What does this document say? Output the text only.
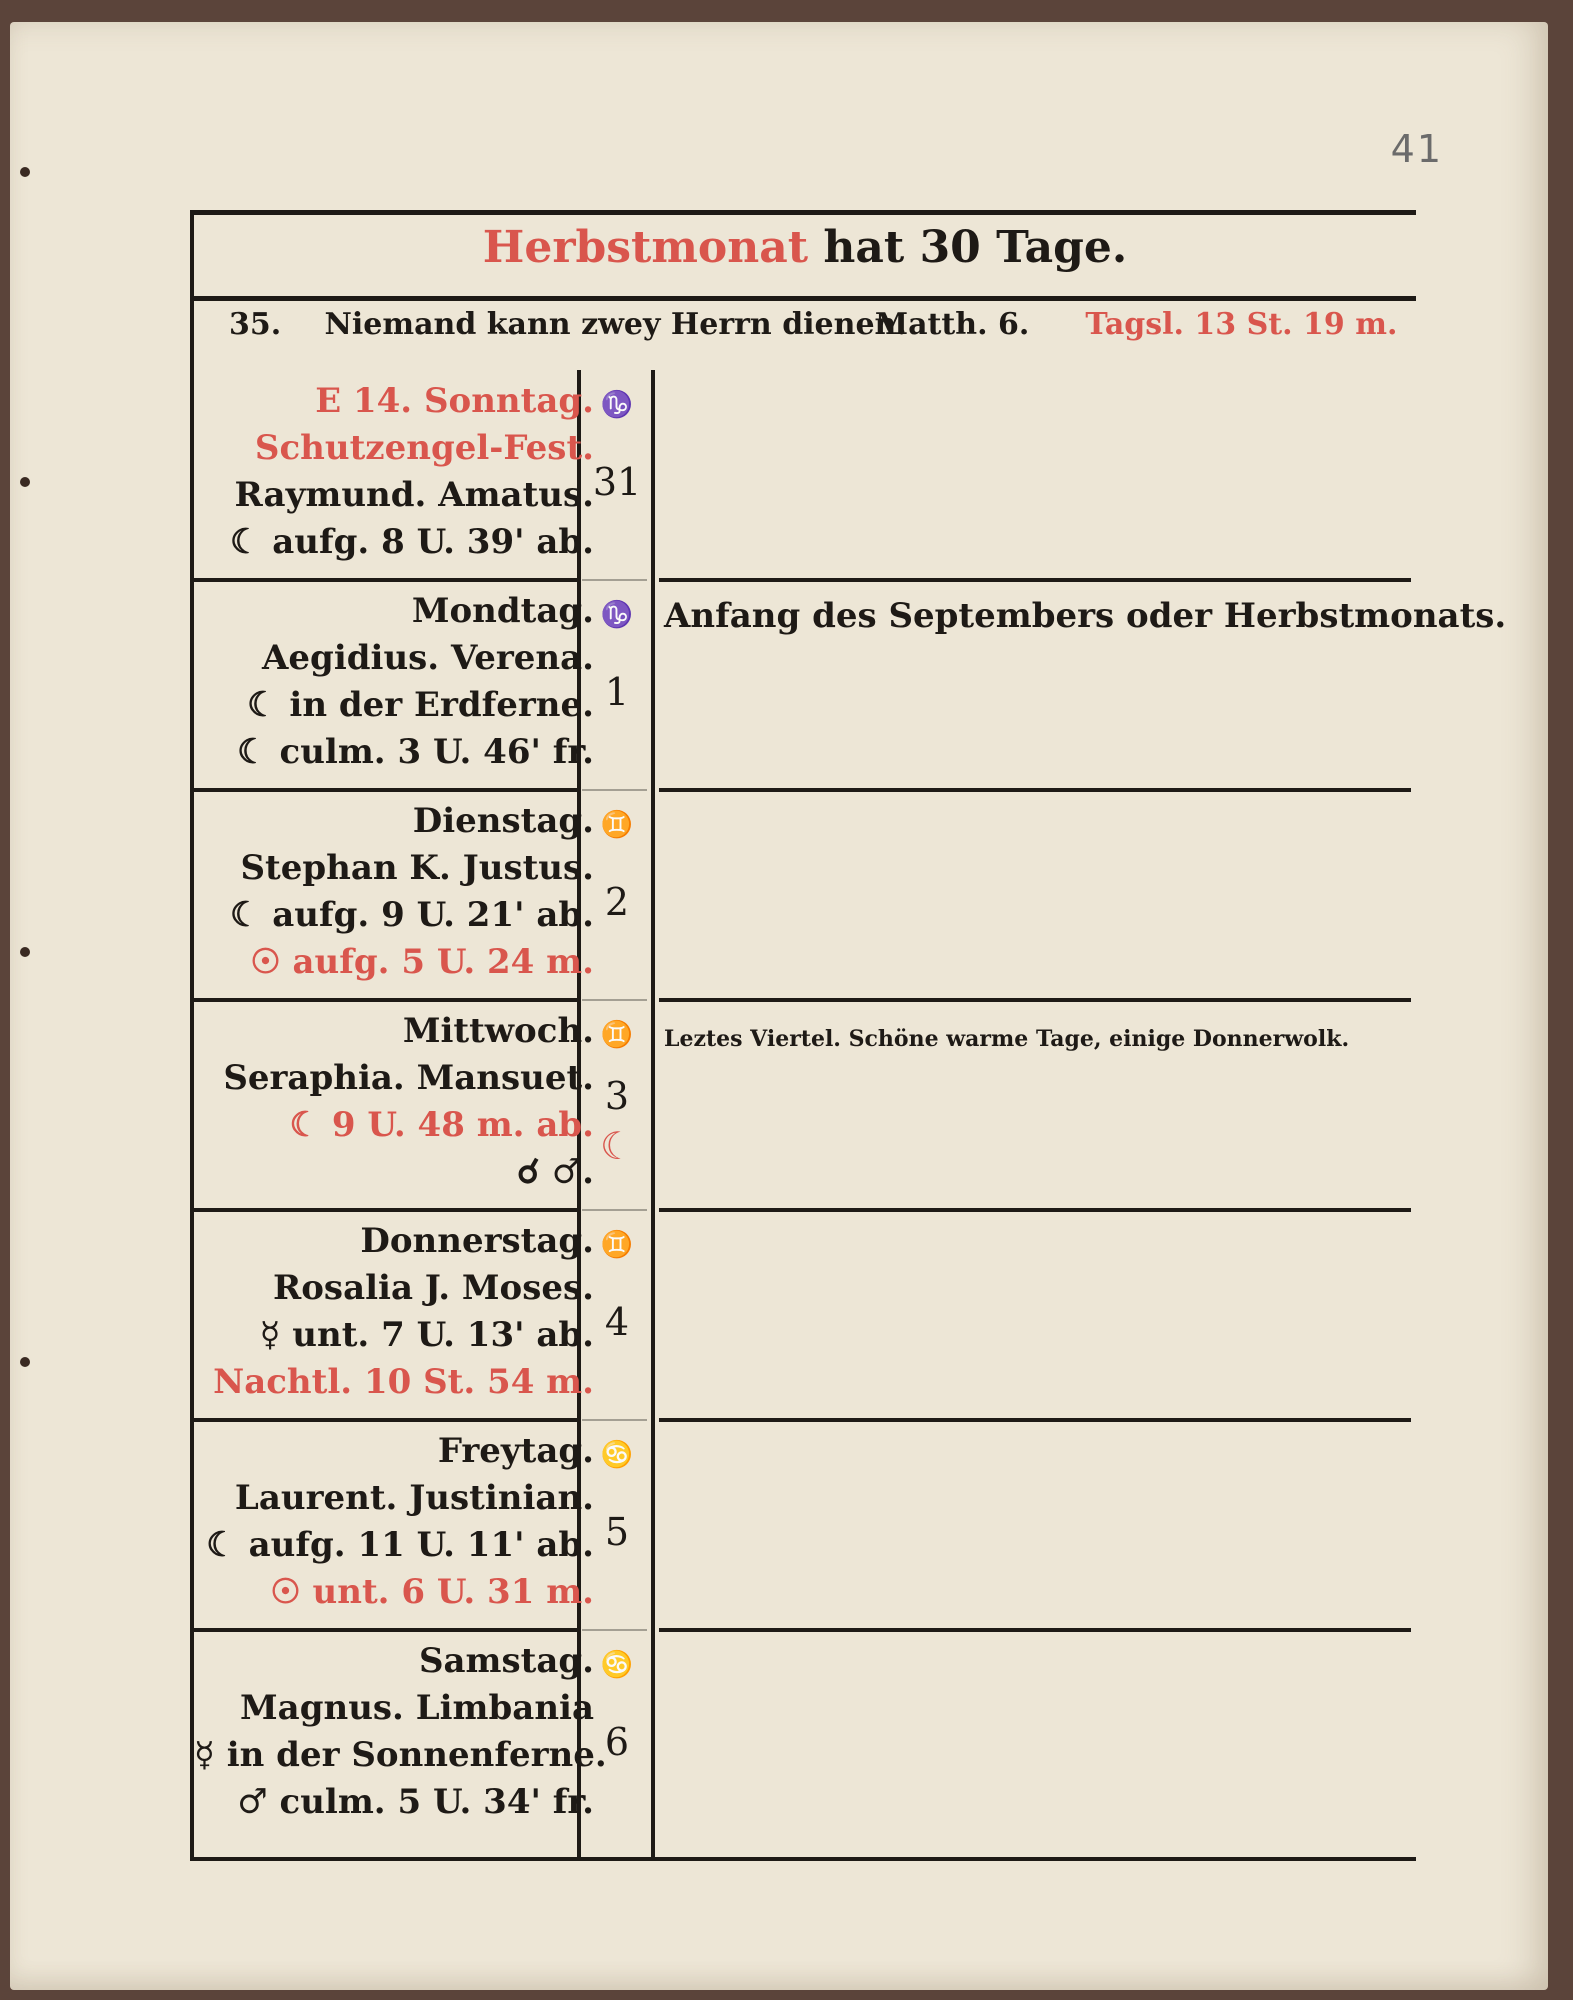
41
Herbstmonat hat 30 Tage.
35. Niemand kann zwey Herrn dienen. Matth. 6. Tagsl. 13 St. 19 m.
E 14. Sonntag.
Schutzengel-Fest.
Raymund. Amatus.
☾ aufg. 8 U. 39' ab.
♑
31
Mondtag.
Aegidius. Verena.
☾ in der Erdferne.
☾ culm. 3 U. 46' fr.
♑
1
Anfang des Septembers oder Herbstmonats.
Dienstag.
Stephan K. Justus.
☾ aufg. 9 U. 21' ab.
☉ aufg. 5 U. 24 m.
♊
2
Mittwoch.
Seraphia. Mansuet.
☾ 9 U. 48 m. ab.
☌ ♂.
♊
3
☾
Leztes Viertel. Schöne warme Tage, einige Donnerwolk.
Donnerstag.
Rosalia J. Moses.
☿ unt. 7 U. 13' ab.
Nachtl. 10 St. 54 m.
♊
4
Freytag.
Laurent. Justinian.
☾ aufg. 11 U. 11' ab.
☉ unt. 6 U. 31 m.
♋
5
Samstag.
Magnus. Limbania
☿ in der Sonnenferne.
♂ culm. 5 U. 34' fr.
♋
6
